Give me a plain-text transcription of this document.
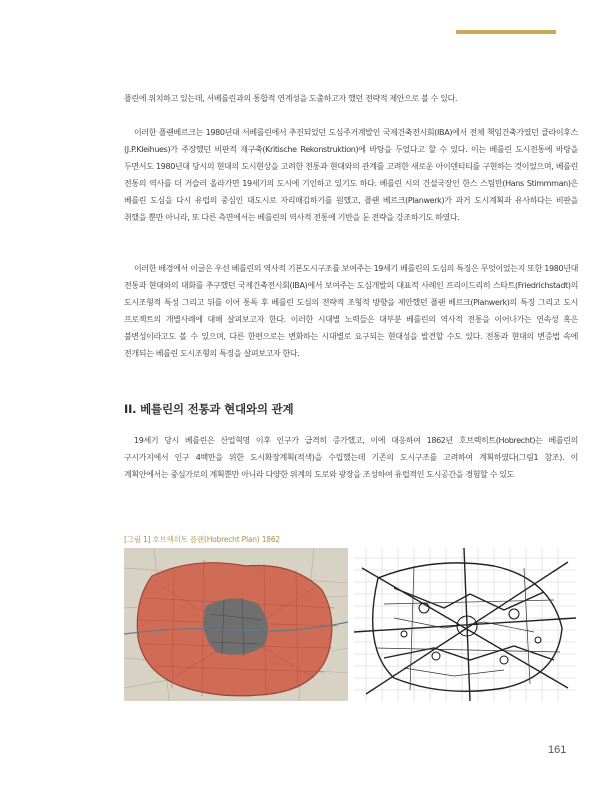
플린에 위치하고 있는데, 서베를린과의 통합적 연계성을 도출하고자 했던 전략적 제안으로 볼 수 있다.

이러한 플랜베르크는 1980년대 서베를린에서 추진되었던 도심주거계발인 국제건축전시회(IBA)에서 전체 책임건축가였던 클라이후스 (J.P.Kleihues)가 주장했던 비판적 재구축(Kritische Rekonstruktion)에 바탕을 두었다고 할 수 있다. 이는 베를린 도시전통에 바탕을 두면서도 1980년대 당시의 현대의 도시현상을 고려한 전통과 현대와의 관계를 고려한 새로운 아이덴티티를 구현하는 것이었으며, 베를린 전통의 역사를 더 거슬러 올라가면 19세기의 도시에 기인하고 있기도 하다. 베를린 시의 건설국장인 한스 스팀만(Hans Stimmman)은 베를린 도심을 다시 유럽의 중심인 대도시로 자리매김하기를 원했고, 플랜 베르크(Planwerk)가 과거 도시계획과 유사하다는 비판을 취했을 뿐만 아니라, 또 다른 측면에서는 베를린의 역사적 전통에 기반을 둔 전략을 강조하기도 하였다.

이러한 배경에서 이글은 우선 베를린의 역사적 기본도시구조를 보여주는 19세기 베를린의 도심의 특징은 무엇이었는지 또한 1980년대 전통과 현대와의 대화를 추구했던 국제건축전시회(IBA)에서 보여주는 도심개발의 대표적 사례인 프리이드리히 스타트(Friedrichstadt)의 도시조형적 특성 그리고 뒤를 이어 통독 후 베를린 도심의 전략적 조형적 방향을 제안했던 플랜 베르크(Planwerk)의 특징 그리고 도시 프로젝트의 개별사례에 대해 살펴보고자 한다. 이러한 시대별 노력들은 대부분 베를린의 역사적 전통을 이어나가는 연속성 혹은 불변성이라고도 볼 수 있으며, 다른 한편으로는 변화하는 시대별로 요구되는 현대성을 발견할 수도 있다. 전통과 현대의 변증법 속에 전개되는 베를린 도시조형의 특징을 살펴보고자 한다.

II. 베를린의 전통과 현대와의 관계

19세기 당시 베를린은 산업혁명 이후 인구가 급격히 증가했고, 이에 대응하여 1862년 호브렉히트(Hobrecht)는 베를린의 구시가지에서 인구 4백만을 위한 도시확장계획(적색)을 수립했는데 기존의 도시구조를 고려하여 계획하였다(그림1 참조). 이 계획안에서는 중심가로의 계획뿐만 아니라 다양한 위계의 도로와 광장을 조성하여 유럽적인 도시공간을 경험할 수 있도

[그림 1] 호브렉히트 플랜(Hobrecht Plan) 1862

161
